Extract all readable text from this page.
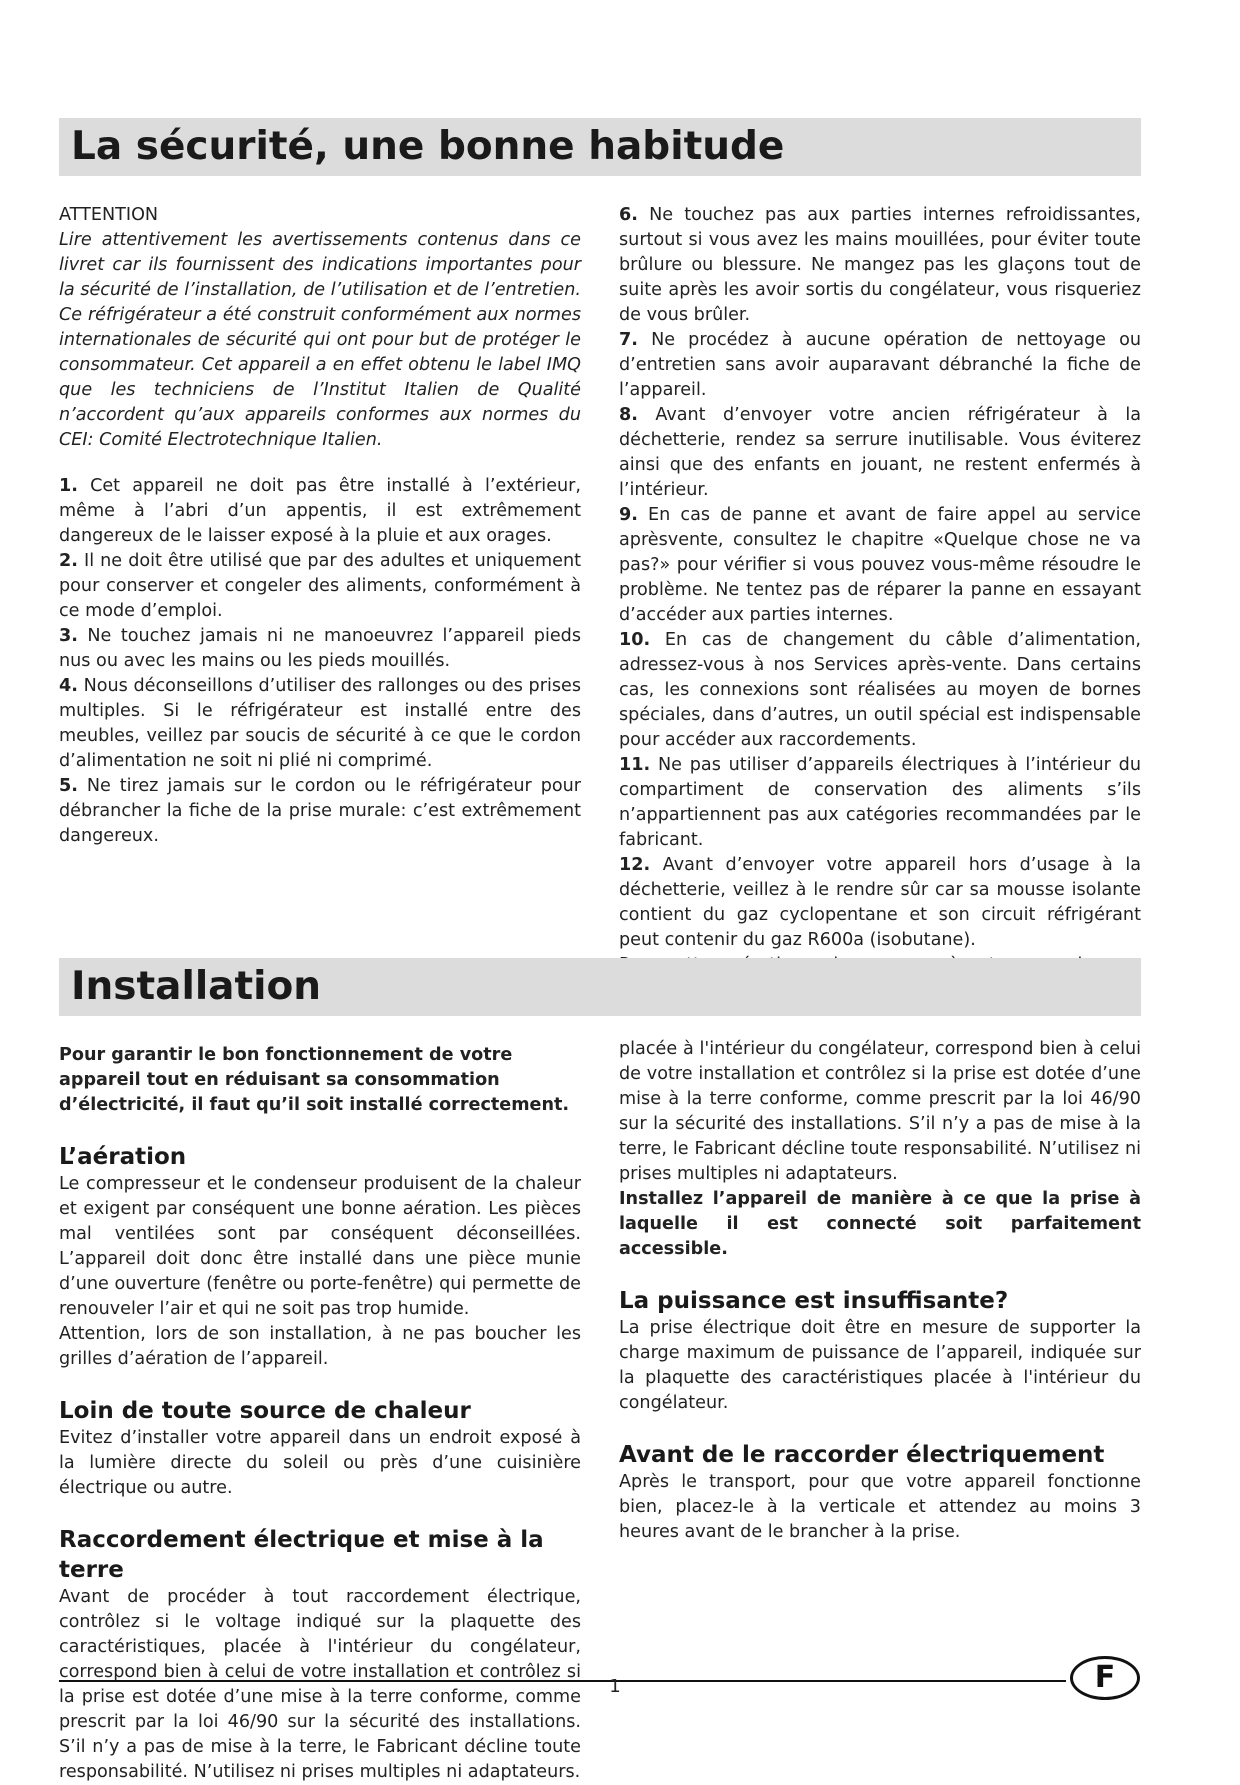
La sécurité, une bonne habitude

ATTENTION

Lire attentivement les avertissements contenus dans ce livret car ils fournissent des indications importantes pour la sécurité de l’installation, de l’utilisation et de l’entretien. Ce réfrigérateur a été construit conformément aux normes internationales de sécurité qui ont pour but de protéger le consommateur. Cet appareil a en effet obtenu le label IMQ que les techniciens de l’Institut Italien de Qualité n’accordent qu’aux appareils conformes aux normes du CEI: Comité Electrotechnique Italien.

1. Cet appareil ne doit pas être installé à l’extérieur, même à l’abri d’un appentis, il est extrêmement dangereux de le laisser exposé à la pluie et aux orages.

2. Il ne doit être utilisé que par des adultes et uniquement pour conserver et congeler des aliments, conformément à ce mode d’emploi.

3. Ne touchez jamais ni ne manoeuvrez l’appareil pieds nus ou avec les mains ou les pieds mouillés.

4. Nous déconseillons d’utiliser des rallonges ou des prises multiples. Si le réfrigérateur est installé entre des meubles, veillez par soucis de sécurité à ce que le cordon d’alimentation ne soit ni plié ni comprimé.

5. Ne tirez jamais sur le cordon ou le réfrigérateur pour débrancher la fiche de la prise murale: c’est extrêmement dangereux.

6. Ne touchez pas aux parties internes refroidissantes, surtout si vous avez les mains mouillées, pour éviter toute brûlure ou blessure. Ne mangez pas les glaçons tout de suite après les avoir sortis du congélateur, vous risqueriez de vous brûler.

7. Ne procédez à aucune opération de nettoyage ou d’entretien sans avoir auparavant débranché la fiche de l’appareil.

8. Avant d’envoyer votre ancien réfrigérateur à la déchetterie, rendez sa serrure inutilisable. Vous éviterez ainsi que des enfants en jouant, ne restent enfermés à l’intérieur.

9. En cas de panne et avant de faire appel au service aprèsvente, consultez le chapitre «Quelque chose ne va pas?» pour vérifier si vous pouvez vous-même résoudre le problème. Ne tentez pas de réparer la panne en essayant d’accéder aux parties internes.

10. En cas de changement du câble d’alimentation, adressez-vous à nos Services après-vente. Dans certains cas, les connexions sont réalisées au moyen de bornes spéciales, dans d’autres, un outil spécial est indispensable pour accéder aux raccordements.

11. Ne pas utiliser d’appareils électriques à l’intérieur du compartiment de conservation des aliments s’ils n’appartiennent pas aux catégories recommandées par le fabricant.

12. Avant d’envoyer votre appareil hors d’usage à la déchetterie, veillez à le rendre sûr car sa mousse isolante contient du gaz cyclopentane et son circuit réfrigérant peut contenir du gaz R600a (isobutane).

Installation

Pour garantir le bon fonctionnement de votre appareil tout en réduisant sa consommation d’électricité, il faut qu’il soit installé correctement.

L’aération

Le compresseur et le condenseur produisent de la chaleur et exigent par conséquent une bonne aération. Les pièces mal ventilées sont par conséquent déconseillées. L’appareil doit donc être installé dans une pièce munie d’une ouverture (fenêtre ou porte-fenêtre) qui permette de renouveler l’air et qui ne soit pas trop humide.

Attention, lors de son installation, à ne pas boucher les grilles d’aération de l’appareil.

Loin de toute source de chaleur

Evitez d’installer votre appareil dans un endroit exposé à la lumière directe du soleil ou près d’une cuisinière électrique ou autre.

Raccordement électrique et mise à la terre

Avant de procéder à tout raccordement électrique, contrôlez si le voltage indiqué sur la plaquette des caractéristiques, placée à l'intérieur du congélateur, correspond bien à celui de votre installation et contrôlez si la prise est dotée d’une mise à la terre conforme, comme prescrit par la loi 46/90 sur la sécurité des installations. S’il n’y a pas de mise à la terre, le Fabricant décline toute responsabilité. N’utilisez ni prises multiples ni adaptateurs.

placée à l'intérieur du congélateur, correspond bien à celui de votre installation et contrôlez si la prise est dotée d’une mise à la terre conforme, comme prescrit par la loi 46/90 sur la sécurité des installations. S’il n’y a pas de mise à la terre, le Fabricant décline toute responsabilité. N’utilisez ni prises multiples ni adaptateurs.

Installez l’appareil de manière à ce que la prise à laquelle il est connecté soit parfaitement accessible.

La puissance est insuffisante?

La prise électrique doit être en mesure de supporter la charge maximum de puissance de l’appareil, indiquée sur la plaquette des caractéristiques placée à l'intérieur du congélateur.

Avant de le raccorder électriquement

Après le transport, pour que votre appareil fonctionne bien, placez-le à la verticale et attendez au moins 3 heures avant de le brancher à la prise.

1	F
